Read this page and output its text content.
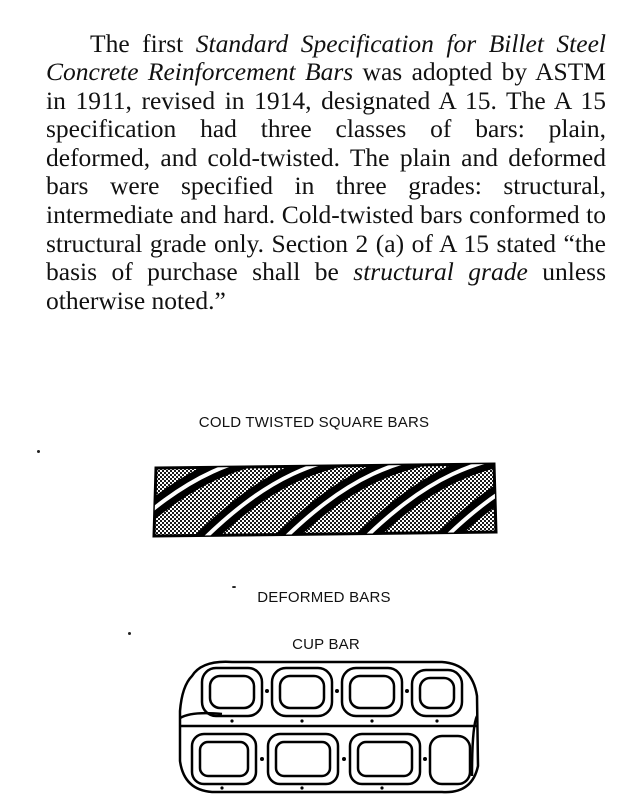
The first Standard Specification for Billet Steel Concrete Reinforcement Bars was adopted by ASTM in 1911, revised in 1914, designated A 15. The A 15 specification had three classes of bars: plain, deformed, and cold-twisted. The plain and deformed bars were specified in three grades: structural, intermediate and hard. Cold-twisted bars conformed to structural grade only. Section 2 (a) of A 15 stated “the basis of purchase shall be structural grade unless otherwise noted.”

COLD TWISTED SQUARE BARS
DEFORMED BARS
CUP BAR
